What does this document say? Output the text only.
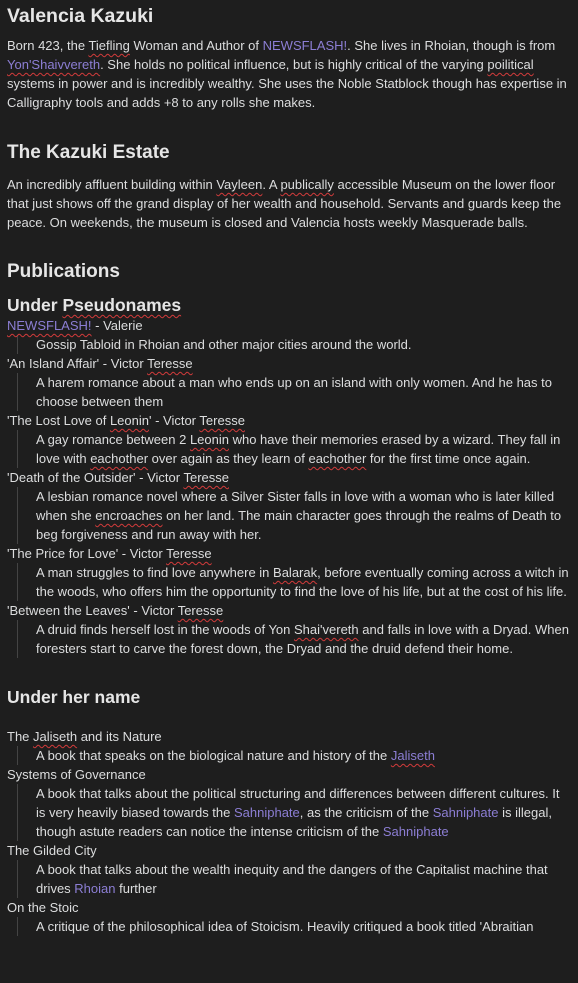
Valencia Kazuki

Born 423, the Tiefling Woman and Author of NEWSFLASH!. She lives in Rhoian, though is from Yon'Shaivvereth. She holds no political influence, but is highly critical of the varying poilitical systems in power and is incredibly wealthy. She uses the Noble Statblock though has expertise in Calligraphy tools and adds +8 to any rolls she makes.

The Kazuki Estate

An incredibly affluent building within Vayleen. A publically accessible Museum on the lower floor that just shows off the grand display of her wealth and household. Servants and guards keep the peace. On weekends, the museum is closed and Valencia hosts weekly Masquerade balls.

Publications
Under Pseudonames

NEWSFLASH! - Valerie

Gossip Tabloid in Rhoian and other major cities around the world.

'An Island Affair' - Victor Teresse

A harem romance about a man who ends up on an island with only women. And he has to choose between them

'The Lost Love of Leonin' - Victor Teresse

A gay romance between 2 Leonin who have their memories erased by a wizard. They fall in love with eachother over again as they learn of eachother for the first time once again.

'Death of the Outsider' - Victor Teresse

A lesbian romance novel where a Silver Sister falls in love with a woman who is later killed when she encroaches on her land. The main character goes through the realms of Death to beg forgiveness and run away with her.

'The Price for Love' - Victor Teresse

A man struggles to find love anywhere in Balarak, before eventually coming across a witch in the woods, who offers him the opportunity to find the love of his life, but at the cost of his life.

'Between the Leaves' - Victor Teresse

A druid finds herself lost in the woods of Yon Shai'vereth and falls in love with a Dryad. When foresters start to carve the forest down, the Dryad and the druid defend their home.

Under her name

The Jaliseth and its Nature

A book that speaks on the biological nature and history of the Jaliseth

Systems of Governance

A book that talks about the political structuring and differences between different cultures. It is very heavily biased towards the Sahniphate, as the criticism of the Sahniphate is illegal, though astute readers can notice the intense criticism of the Sahniphate

The Gilded City

A book that talks about the wealth inequity and the dangers of the Capitalist machine that drives Rhoian further

On the Stoic

A critique of the philosophical idea of Stoicism. Heavily critiqued a book titled 'Abraitian
